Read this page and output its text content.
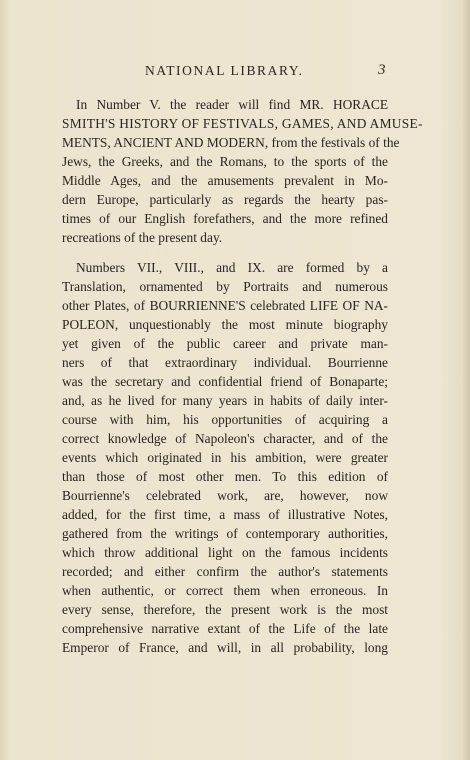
NATIONAL LIBRARY.	3

In Number V. the reader will find MR. HORACE
SMITH'S HISTORY OF FESTIVALS, GAMES, AND AMUSE-
MENTS, ANCIENT AND MODERN, from the festivals of the
Jews, the Greeks, and the Romans, to the sports of the
Middle Ages, and the amusements prevalent in Mo-
dern Europe, particularly as regards the hearty pas-
times of our English forefathers, and the more refined
recreations of the present day.

Numbers VII., VIII., and IX. are formed by a
Translation, ornamented by Portraits and numerous
other Plates, of BOURRIENNE'S celebrated LIFE OF NA-
POLEON, unquestionably the most minute biography
yet given of the public career and private man-
ners of that extraordinary individual. Bourrienne
was the secretary and confidential friend of Bonaparte;
and, as he lived for many years in habits of daily inter-
course with him, his opportunities of acquiring a
correct knowledge of Napoleon's character, and of the
events which originated in his ambition, were greater
than those of most other men. To this edition of
Bourrienne's celebrated work, are, however, now
added, for the first time, a mass of illustrative Notes,
gathered from the writings of contemporary authorities,
which throw additional light on the famous incidents
recorded; and either confirm the author's statements
when authentic, or correct them when erroneous. In
every sense, therefore, the present work is the most
comprehensive narrative extant of the Life of the late
Emperor of France, and will, in all probability, long
